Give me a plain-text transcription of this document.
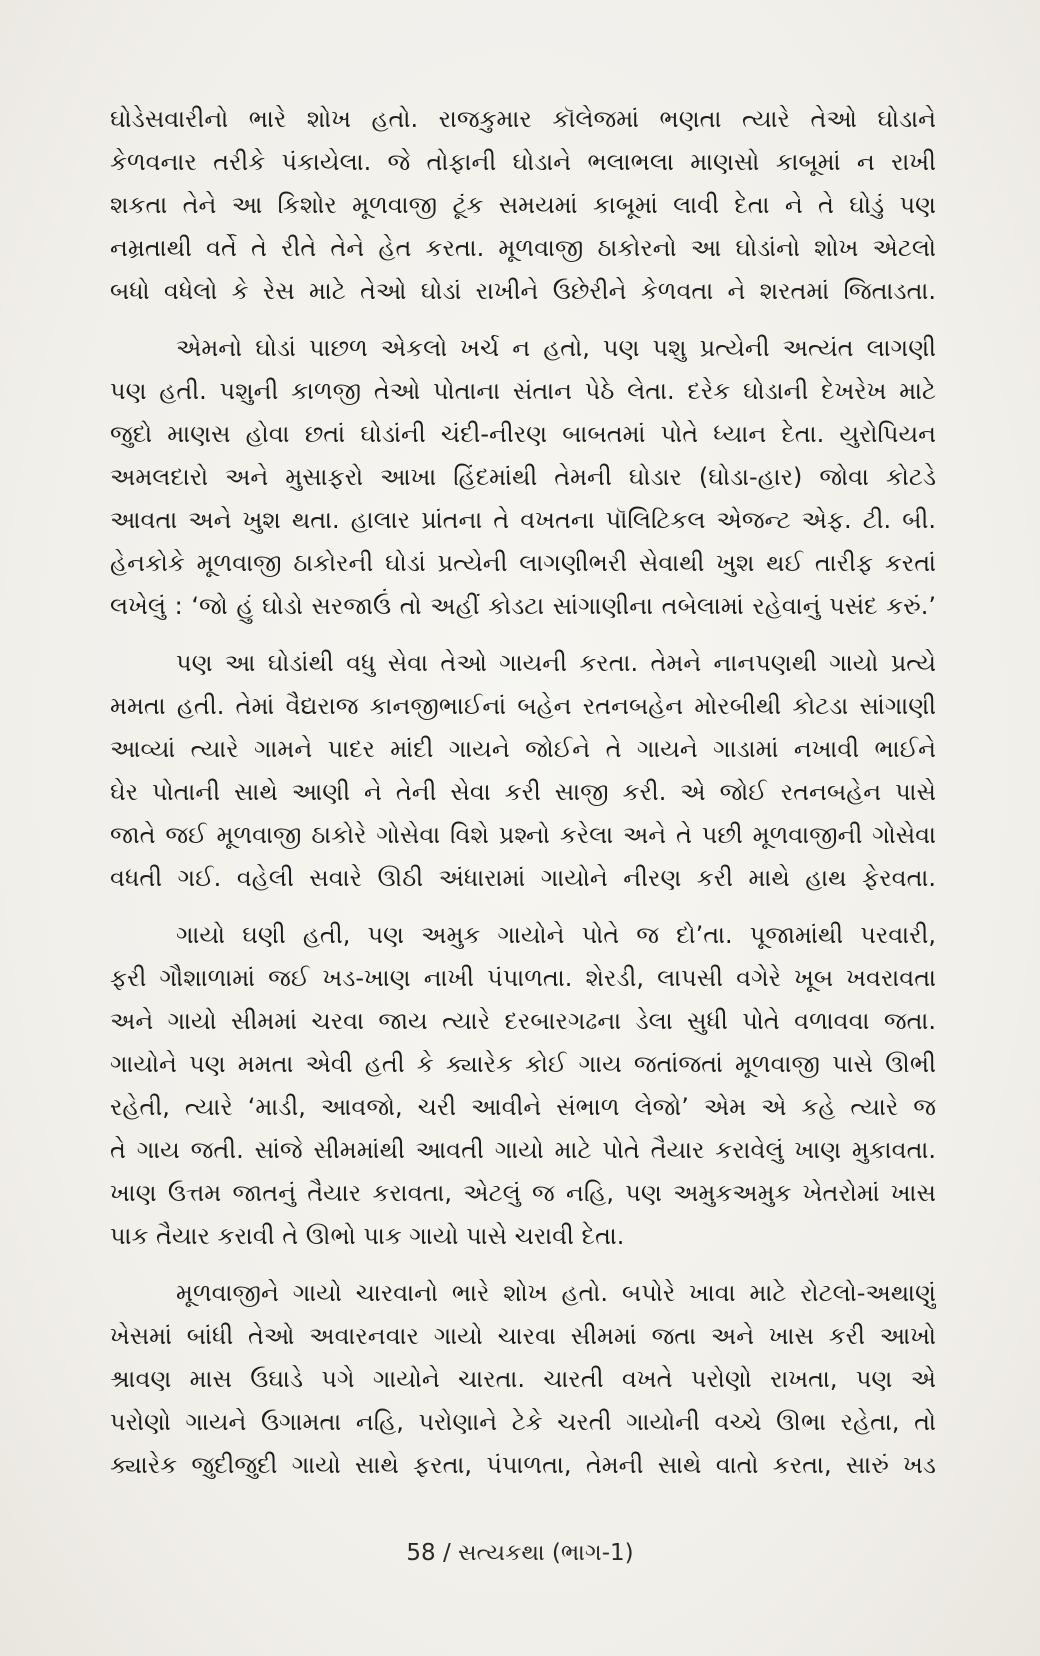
ઘોડેસવારીનો ભારે શોખ હતો. રાજકુમાર કૉલેજમાં ભણતા ત્યારે તેઓ ઘોડાને
કેળવનાર તરીકે પંકાયેલા. જે તોફાની ઘોડાને ભલાભલા માણસો કાબૂમાં ન રાખી
શકતા તેને આ કિશોર મૂળવાજી ટૂંક સમયમાં કાબૂમાં લાવી દેતા ને તે ઘોડું પણ
નમ્રતાથી વર્તે તે રીતે તેને હેત કરતા. મૂળવાજી ઠાકોરનો આ ઘોડાંનો શોખ એટલો
બધો વધેલો કે રેસ માટે તેઓ ઘોડાં રાખીને ઉછેરીને કેળવતા ને શરતમાં જિતાડતા.
એમનો ઘોડાં પાછળ એકલો ખર્ચ ન હતો, પણ પશુ પ્રત્યેની અત્યંત લાગણી
પણ હતી. પશુની કાળજી તેઓ પોતાના સંતાન પેઠે લેતા. દરેક ઘોડાની દેખરેખ માટે
જુદો માણસ હોવા છતાં ઘોડાંની ચંદી-નીરણ બાબતમાં પોતે ધ્યાન દેતા. યુરોપિયન
અમલદારો અને મુસાફરો આખા હિંદમાંથી તેમની ઘોડાર (ઘોડા-હાર) જોવા કોટડે
આવતા અને ખુશ થતા. હાલાર પ્રાંતના તે વખતના પૉલિટિકલ એજન્ટ એફ. ટી. બી.
હેનકોકે મૂળવાજી ઠાકોરની ઘોડાં પ્રત્યેની લાગણીભરી સેવાથી ખુશ થઈ તારીફ કરતાં
લખેલું : ‘જો હું ઘોડો સરજાઉં તો અહીં કોડટા સાંગાણીના તબેલામાં રહેવાનું પસંદ કરું.’
પણ આ ઘોડાંથી વધુ સેવા તેઓ ગાયની કરતા. તેમને નાનપણથી ગાયો પ્રત્યે
મમતા હતી. તેમાં વૈદ્યરાજ કાનજીભાઈનાં બહેન રતનબહેન મોરબીથી કોટડા સાંગાણી
આવ્યાં ત્યારે ગામને પાદર માંદી ગાયને જોઈને તે ગાયને ગાડામાં નખાવી ભાઈને
ઘેર પોતાની સાથે આણી ને તેની સેવા કરી સાજી કરી. એ જોઈ રતનબહેન પાસે
જાતે જઈ મૂળવાજી ઠાકોરે ગોસેવા વિશે પ્રશ્નો કરેલા અને તે પછી મૂળવાજીની ગોસેવા
વધતી ગઈ. વહેલી સવારે ઊઠી અંધારામાં ગાયોને નીરણ કરી માથે હાથ ફેરવતા.
ગાયો ઘણી હતી, પણ અમુક ગાયોને પોતે જ દો’તા. પૂજામાંથી પરવારી,
ફરી ગૌશાળામાં જઈ ખડ-ખાણ નાખી પંપાળતા. શેરડી, લાપસી વગેરે ખૂબ ખવરાવતા
અને ગાયો સીમમાં ચરવા જાય ત્યારે દરબારગઢના ડેલા સુધી પોતે વળાવવા જતા.
ગાયોને પણ મમતા એવી હતી કે ક્યારેક કોઈ ગાય જતાંજતાં મૂળવાજી પાસે ઊભી
રહેતી, ત્યારે ‘માડી, આવજો, ચરી આવીને સંભાળ લેજો’ એમ એ કહે ત્યારે જ
તે ગાય જતી. સાંજે સીમમાંથી આવતી ગાયો માટે પોતે તૈયાર કરાવેલું ખાણ મુકાવતા.
ખાણ ઉત્તમ જાતનું તૈયાર કરાવતા, એટલું જ નહિ, પણ અમુકઅમુક ખેતરોમાં ખાસ
પાક તૈયાર કરાવી તે ઊભો પાક ગાયો પાસે ચરાવી દેતા.
મૂળવાજીને ગાયો ચારવાનો ભારે શોખ હતો. બપોરે ખાવા માટે રોટલો-અથાણું
ખેસમાં બાંધી તેઓ અવારનવાર ગાયો ચારવા સીમમાં જતા અને ખાસ કરી આખો
શ્રાવણ માસ ઉઘાડે પગે ગાયોને ચારતા. ચારતી વખતે પરોણો રાખતા, પણ એ
પરોણો ગાયને ઉગામતા નહિ, પરોણાને ટેકે ચરતી ગાયોની વચ્ચે ઊભા રહેતા, તો
ક્યારેક જુદીજુદી ગાયો સાથે ફરતા, પંપાળતા, તેમની સાથે વાતો કરતા, સારું ખડ
58 / સત્યકથા (ભાગ-1)
